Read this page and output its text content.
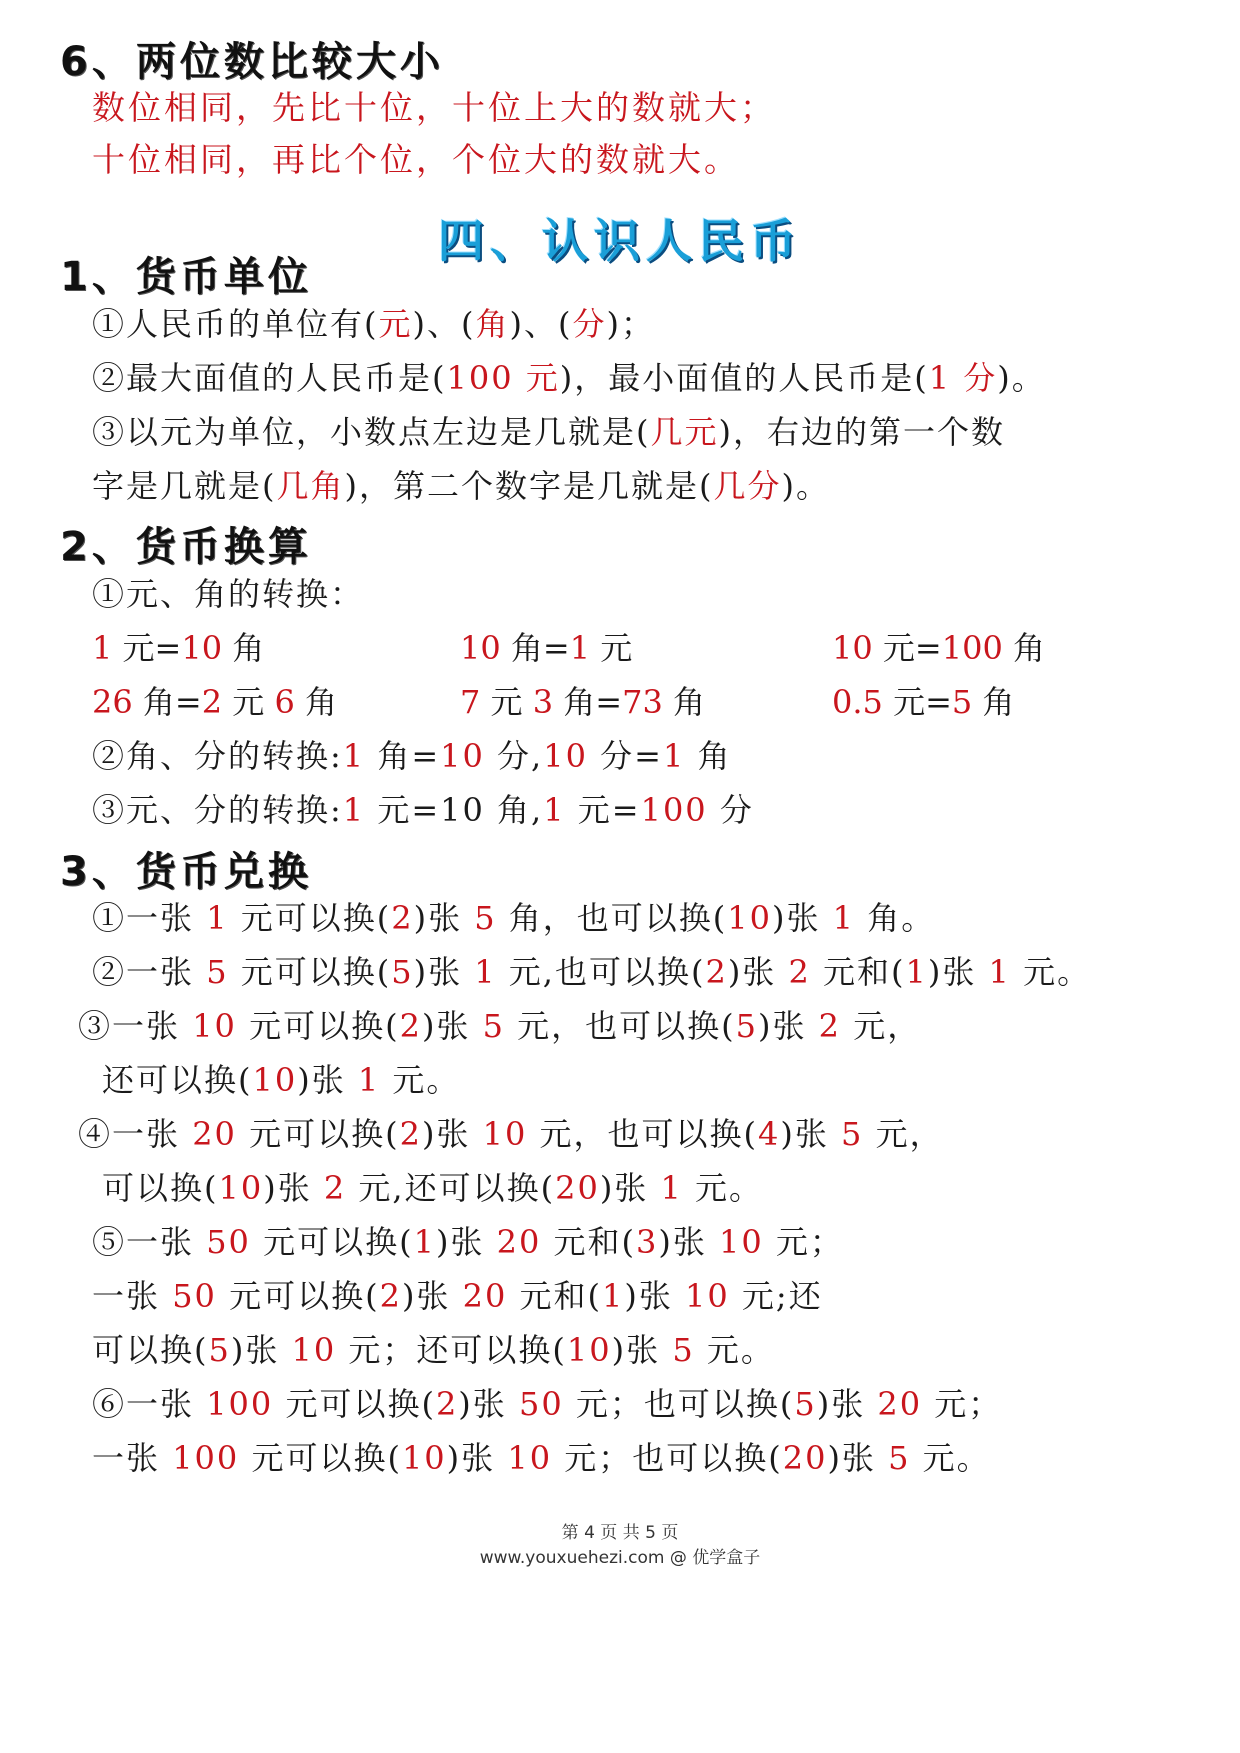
6、两位数比较大小
数位相同，先比十位，十位上大的数就大；
十位相同，再比个位，个位大的数就大。
四、认识人民币
1、货币单位
①人民币的单位有(元)、(角)、(分)；
②最大面值的人民币是(100 元)，最小面值的人民币是(1 分)。
③以元为单位，小数点左边是几就是(几元)，右边的第一个数
字是几就是(几角)，第二个数字是几就是(几分)。
2、货币换算
①元、角的转换：
1 元=10 角	10 角=1 元	10 元=100 角
26 角=2 元 6 角	7 元 3 角=73 角	0.5 元=5 角
②角、分的转换:1 角=10 分,10 分=1 角
③元、分的转换:1 元=10 角,1 元=100 分
3、货币兑换
①一张 1 元可以换(2)张 5 角，也可以换(10)张 1 角。
②一张 5 元可以换(5)张 1 元,也可以换(2)张 2 元和(1)张 1 元。
③一张 10 元可以换(2)张 5 元，也可以换(5)张 2 元，
还可以换(10)张 1 元。
④一张 20 元可以换(2)张 10 元，也可以换(4)张 5 元，
可以换(10)张 2 元,还可以换(20)张 1 元。
⑤一张 50 元可以换(1)张 20 元和(3)张 10 元；
一张 50 元可以换(2)张 20 元和(1)张 10 元;还
可以换(5)张 10 元；还可以换(10)张 5 元。
⑥一张 100 元可以换(2)张 50 元；也可以换(5)张 20 元；
一张 100 元可以换(10)张 10 元；也可以换(20)张 5 元。
第 4 页 共 5 页
www.youxuehezi.com @ 优学盒子
